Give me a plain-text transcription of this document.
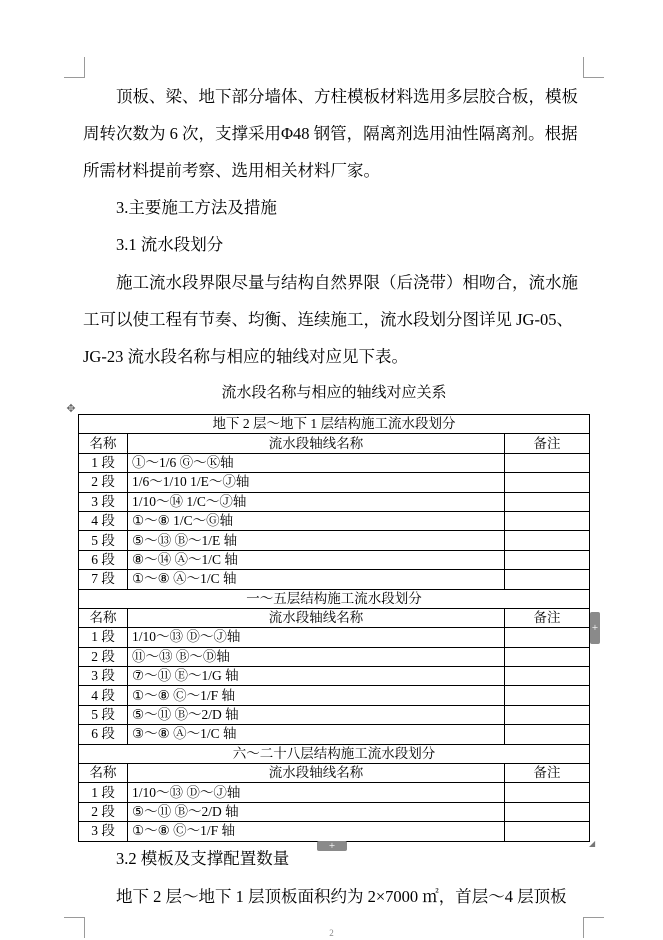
顶板、梁、地下部分墙体、方柱模板材料选用多层胶合板，模板
周转次数为 6 次，支撑采用Φ48 钢管，隔离剂选用油性隔离剂。根据
所需材料提前考察、选用相关材料厂家。

3.主要施工方法及措施

3.1 流水段划分

施工流水段界限尽量与结构自然界限（后浇带）相吻合，流水施
工可以使工程有节奏、均衡、连续施工，流水段划分图详见 JG-05、
JG-23 流水段名称与相应的轴线对应见下表。

流水段名称与相应的轴线对应关系
✥
地下 2 层～地下 1 层结构施工流水段划分		
名称	流水段轴线名称	备注
1 段	①～1/6 Ⓖ～Ⓚ轴	
2 段	1/6～1/10 1/E～Ⓙ轴	
3 段	1/10～⑭ 1/C～Ⓙ轴	
4 段	①～⑧ 1/C～Ⓖ轴	
5 段	⑤～⑬ Ⓑ～1/E 轴	
6 段	⑧～⑭ Ⓐ～1/C 轴	
7 段	①～⑧ Ⓐ～1/C 轴	
一～五层结构施工流水段划分		
名称	流水段轴线名称	备注
1 段	1/10～⑬ Ⓓ～Ⓙ轴	
2 段	⑪～⑬ Ⓑ～Ⓓ轴	
3 段	⑦～⑪ Ⓔ～1/G 轴	
4 段	①～⑧ Ⓒ～1/F 轴	
5 段	⑤～⑪ Ⓑ～2/D 轴	
6 段	③～⑧ Ⓐ～1/C 轴	
六～二十八层结构施工流水段划分		
名称	流水段轴线名称	备注
1 段	1/10～⑬ Ⓓ～Ⓙ轴	
2 段	⑤～⑪ Ⓑ～2/D 轴	
3 段	①～⑧ Ⓒ～1/F 轴	
+
+	◢

3.2 模板及支撑配置数量

地下 2 层～地下 1 层顶板面积约为 2×7000 ㎡，首层～4 层顶板

2
